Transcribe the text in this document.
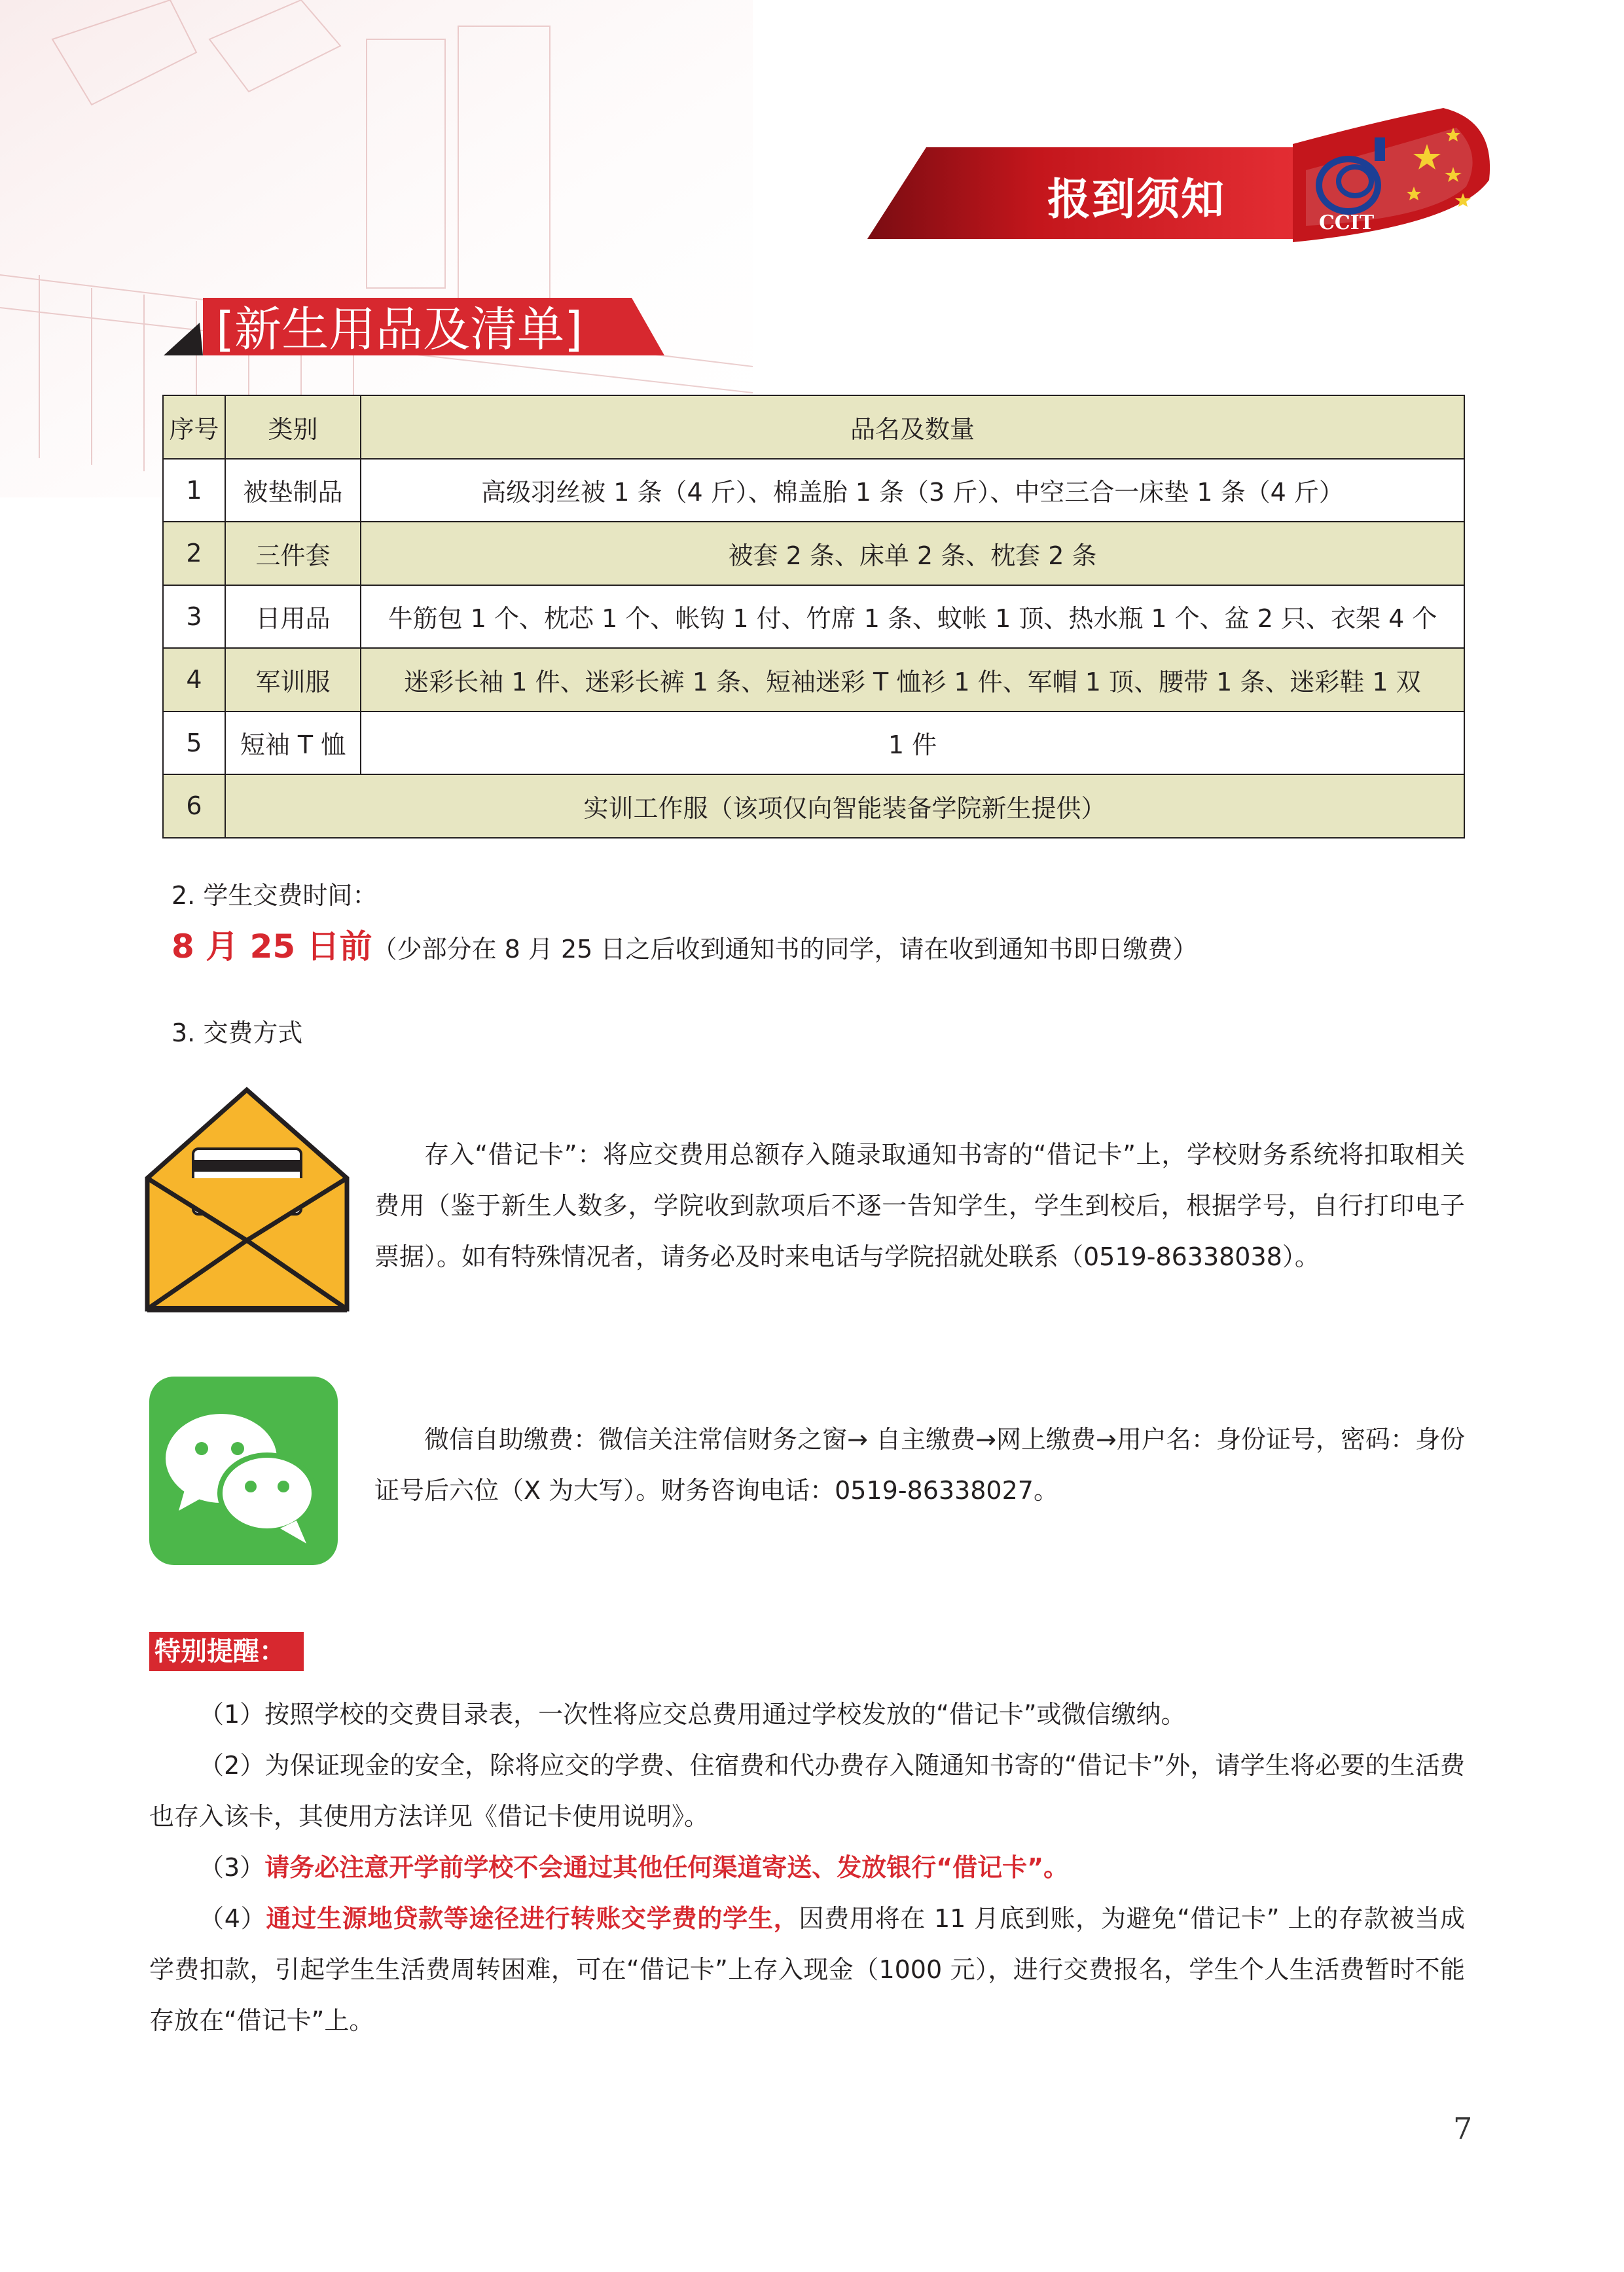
CCIT
报到须知
[新生用品及清单]
序号	类别	品名及数量
1	被垫制品	高级羽丝被 1 条（4 斤）、棉盖胎 1 条（3 斤）、中空三合一床垫 1 条（4 斤）
2	三件套	被套 2 条、床单 2 条、枕套 2 条
3	日用品	牛筋包 1 个、枕芯 1 个、帐钩 1 付、竹席 1 条、蚊帐 1 顶、热水瓶 1 个、盆 2 只、衣架 4 个
4	军训服	迷彩长袖 1 件、迷彩长裤 1 条、短袖迷彩 T 恤衫 1 件、军帽 1 顶、腰带 1 条、迷彩鞋 1 双
5	短袖 T 恤	1 件
6	实训工作服（该项仅向智能装备学院新生提供）	
2. 学生交费时间：
8 月 25 日前（少部分在 8 月 25 日之后收到通知书的同学，请在收到通知书即日缴费）
3. 交费方式
存入“借记卡”：将应交费用总额存入随录取通知书寄的“借记卡”上，学校财务系统将扣取相关费用（鉴于新生人数多，学院收到款项后不逐一告知学生，学生到校后，根据学号，自行打印电子票据）。如有特殊情况者，请务必及时来电话与学院招就处联系（0519-86338038）。
微信自助缴费：微信关注常信财务之窗→ 自主缴费→网上缴费→用户名：身份证号，密码：身份证号后六位（X 为大写）。财务咨询电话：0519-86338027。
特别提醒：
（1）按照学校的交费目录表，一次性将应交总费用通过学校发放的“借记卡”或微信缴纳。
（2）为保证现金的安全，除将应交的学费、住宿费和代办费存入随通知书寄的“借记卡”外，请学生将必要的生活费也存入该卡，其使用方法详见《借记卡使用说明》。
（3）请务必注意开学前学校不会通过其他任何渠道寄送、发放银行“借记卡”。
（4）通过生源地贷款等途径进行转账交学费的学生，因费用将在 11 月底到账，为避免“借记卡” 上的存款被当成学费扣款，引起学生生活费周转困难，可在“借记卡”上存入现金（1000 元），进行交费报名，学生个人生活费暂时不能存放在“借记卡”上。
7
